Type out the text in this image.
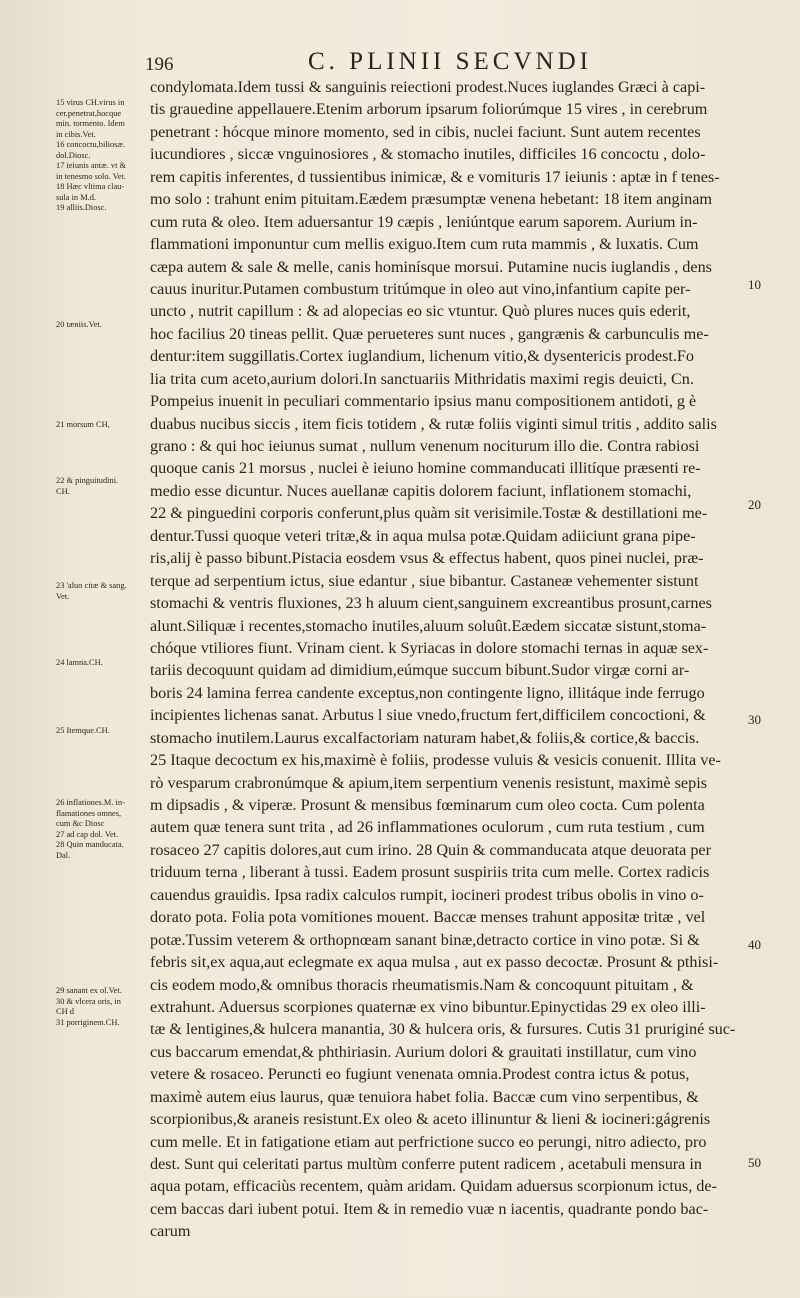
196	C. PLINII SECVNDI
15 virus CH.virus in
cer.penetrat,hocque
min. tormento. Idem
in cibis.Vet.
16 concoctu,biliosæ.
dol.Diosc.
17 ieiunis antæ. vt &
in tenesmo solo. Vet.
18 Hæc vltima clau-
sula in M.d.
19 alliis.Diosc.
20 tæniis.Vet.
21 morsum CH,
22 & pinguitudini.
CH.
23 'aluo citæ & sang.
Vet.
24 lamna.CH.
25 Itemque.CH.
26 inflationes.M. in-
flamationes omnes,
cum &c Diosc
27 ad cap dol. Vet.
28 Quin manducata.
Dal.
29 sanant ex ol.Vet.
30 & vlcera oris, in
CH d
31 porriginem.CH.
condylomata.Idem tussi & sanguinis reiectioni prodest.Nuces iuglandes Græci à capi-
tis grauedine appellauere.Etenim arborum ipsarum foliorúmque 15 vires , in cerebrum
penetrant : hócque minore momento, sed in cibis, nuclei faciunt. Sunt autem recentes
iucundiores , siccæ vnguinosiores , & stomacho inutiles, difficiles 16 concoctu , dolo-
rem capitis inferentes, d tussientibus inimicæ, & e vomituris 17 ieiunis : aptæ in f tenes-
mo solo : trahunt enim pituitam.Eædem præsumptæ venena hebetant: 18 item anginam
cum ruta & oleo. Item aduersantur 19 cæpis , leniúntque earum saporem. Aurium in-
flammationi imponuntur cum mellis exiguo.Item cum ruta mammis , & luxatis. Cum
cæpa autem & sale & melle, canis hominísque morsui. Putamine nucis iuglandis , dens
cauus inuritur.Putamen combustum tritúmque in oleo aut vino,infantium capite per-
uncto , nutrit capillum : & ad alopecias eo sic vtuntur. Quò plures nuces quis ederit,
hoc facilius 20 tineas pellit. Quæ perueteres sunt nuces , gangrænis & carbunculis me-
dentur:item suggillatis.Cortex iuglandium, lichenum vitio,& dysentericis prodest.Fo
lia trita cum aceto,aurium dolori.In sanctuariis Mithridatis maximi regis deuicti, Cn.
Pompeius inuenit in peculiari commentario ipsius manu compositionem antidoti, g è
duabus nucibus siccis , item ficis totidem , & rutæ foliis viginti simul tritis , addito salis
grano : & qui hoc ieiunus sumat , nullum venenum nociturum illo die. Contra rabiosi
quoque canis 21 morsus , nuclei è ieiuno homine commanducati illitíque præsenti re-
medio esse dicuntur. Nuces auellanæ capitis dolorem faciunt, inflationem stomachi,
22 & pinguedini corporis conferunt,plus quàm sit verisimile.Tostæ & destillationi me-
dentur.Tussi quoque veteri tritæ,& in aqua mulsa potæ.Quidam adiiciunt grana pipe-
ris,alij è passo bibunt.Pistacia eosdem vsus & effectus habent, quos pinei nuclei, præ-
terque ad serpentium ictus, siue edantur , siue bibantur. Castaneæ vehementer sistunt
stomachi & ventris fluxiones, 23 h aluum cient,sanguinem excreantibus prosunt,carnes
alunt.Siliquæ i recentes,stomacho inutiles,aluum soluût.Eædem siccatæ sistunt,stoma-
chóque vtiliores fiunt. Vrinam cient. k Syriacas in dolore stomachi ternas in aquæ sex-
tariis decoquunt quidam ad dimidium,eúmque succum bibunt.Sudor virgæ corni ar-
boris 24 lamina ferrea candente exceptus,non contingente ligno, illitáque inde ferrugo
incipientes lichenas sanat. Arbutus l siue vnedo,fructum fert,difficilem concoctioni, &
stomacho inutilem.Laurus excalfactoriam naturam habet,& foliis,& cortice,& baccis.
25 Itaque decoctum ex his,maximè è foliis, prodesse vuluis & vesicis conuenit. Illita ve-
rò vesparum crabronúmque & apium,item serpentium venenis resistunt, maximè sepis
m dipsadis , & viperæ. Prosunt & mensibus fœminarum cum oleo cocta. Cum polenta
autem quæ tenera sunt trita , ad 26 inflammationes oculorum , cum ruta testium , cum
rosaceo 27 capitis dolores,aut cum irino. 28 Quin & commanducata atque deuorata per
triduum terna , liberant à tussi. Eadem prosunt suspiriis trita cum melle. Cortex radicis
cauendus grauidis. Ipsa radix calculos rumpit, iocineri prodest tribus obolis in vino o-
dorato pota. Folia pota vomitiones mouent. Baccæ menses trahunt appositæ tritæ , vel
potæ.Tussim veterem & orthopnœam sanant binæ,detracto cortice in vino potæ. Si &
febris sit,ex aqua,aut eclegmate ex aqua mulsa , aut ex passo decoctæ. Prosunt & pthisi-
cis eodem modo,& omnibus thoracis rheumatismis.Nam & concoquunt pituitam , &
extrahunt. Aduersus scorpiones quaternæ ex vino bibuntur.Epinyctidas 29 ex oleo illi-
tæ & lentigines,& hulcera manantia, 30 & hulcera oris, & fursures. Cutis 31 pruriginé suc-
cus baccarum emendat,& phthiriasin. Aurium dolori & grauitati instillatur, cum vino
vetere & rosaceo. Peruncti eo fugiunt venenata omnia.Prodest contra ictus & potus,
maximè autem eius laurus, quæ tenuiora habet folia. Baccæ cum vino serpentibus, &
scorpionibus,& araneis resistunt.Ex oleo & aceto illinuntur & lieni & iocineri:gágrenis
cum melle. Et in fatigatione etiam aut perfrictione succo eo perungi, nitro adiecto, pro
dest. Sunt qui celeritati partus multùm conferre putent radicem , acetabuli mensura in
aqua potam, efficaciùs recentem, quàm aridam. Quidam aduersus scorpionum ictus, de-
cem baccas dari iubent potui. Item & in remedio vuæ n iacentis, quadrante pondo bac-
carum
10
20
30
40
50
